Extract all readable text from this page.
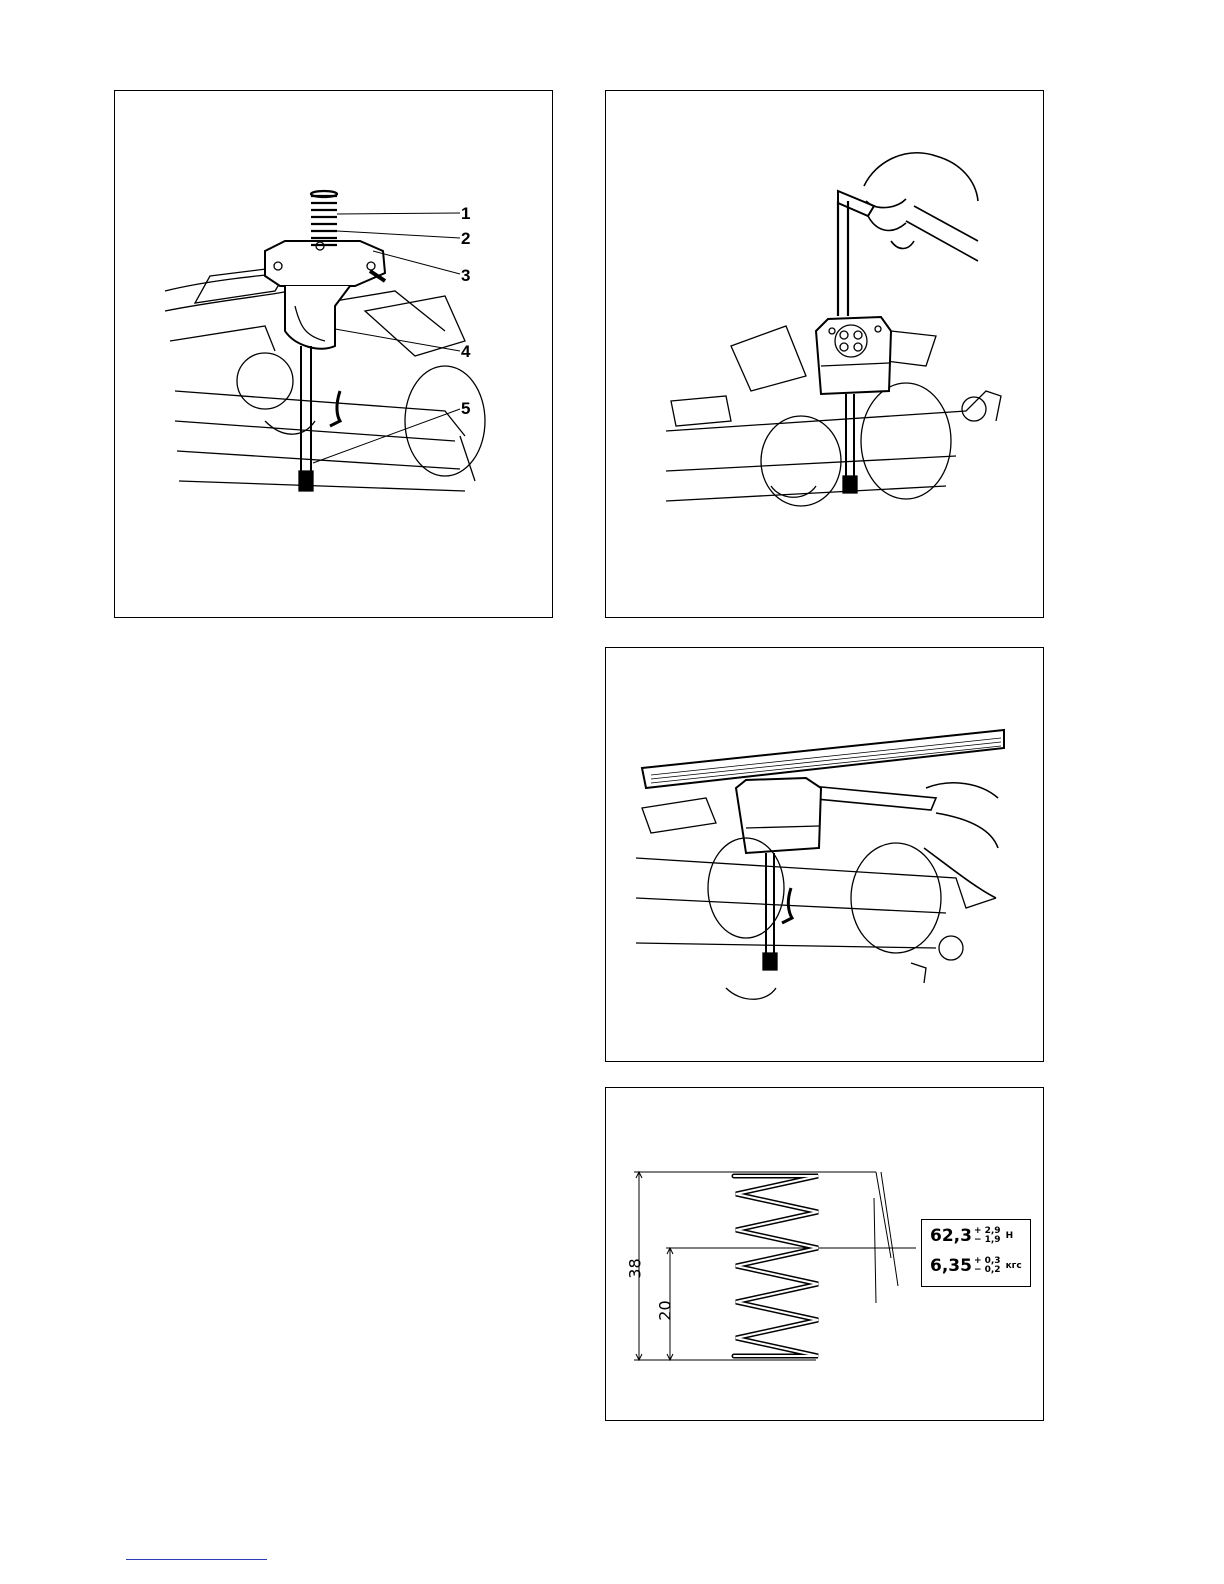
1
2
3
4
5
38
20
62,3 + 2,9
− 1,9 Н
6,35 + 0,3
− 0,2 кгс
